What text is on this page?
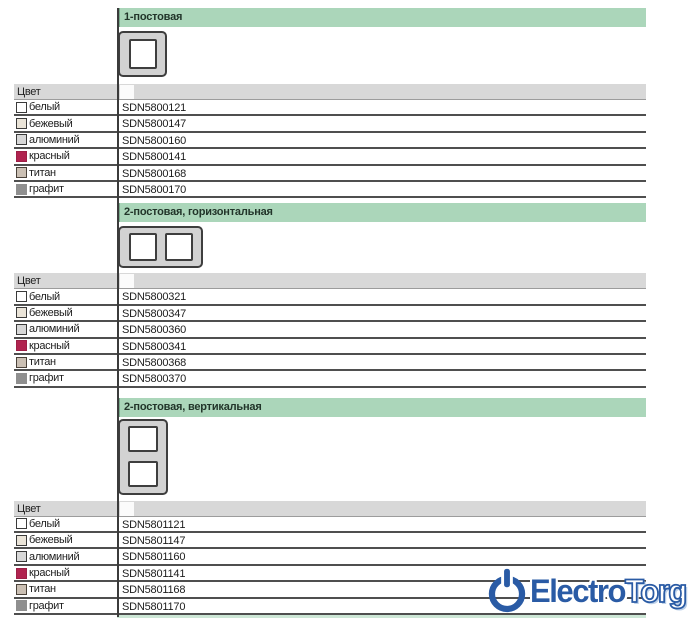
1-постовая
Цвет
белый	SDN5800121
бежевый	SDN5800147
алюминий	SDN5800160
красный	SDN5800141
титан	SDN5800168
графит	SDN5800170
2-постовая, горизонтальная
Цвет
белый	SDN5800321
бежевый	SDN5800347
алюминий	SDN5800360
красный	SDN5800341
титан	SDN5800368
графит	SDN5800370
2-постовая, вертикальная
Цвет
белый	SDN5801121
бежевый	SDN5801147
алюминий	SDN5801160
красный	SDN5801141
титан	SDN5801168
графит	SDN5801170	ElectroTorg
